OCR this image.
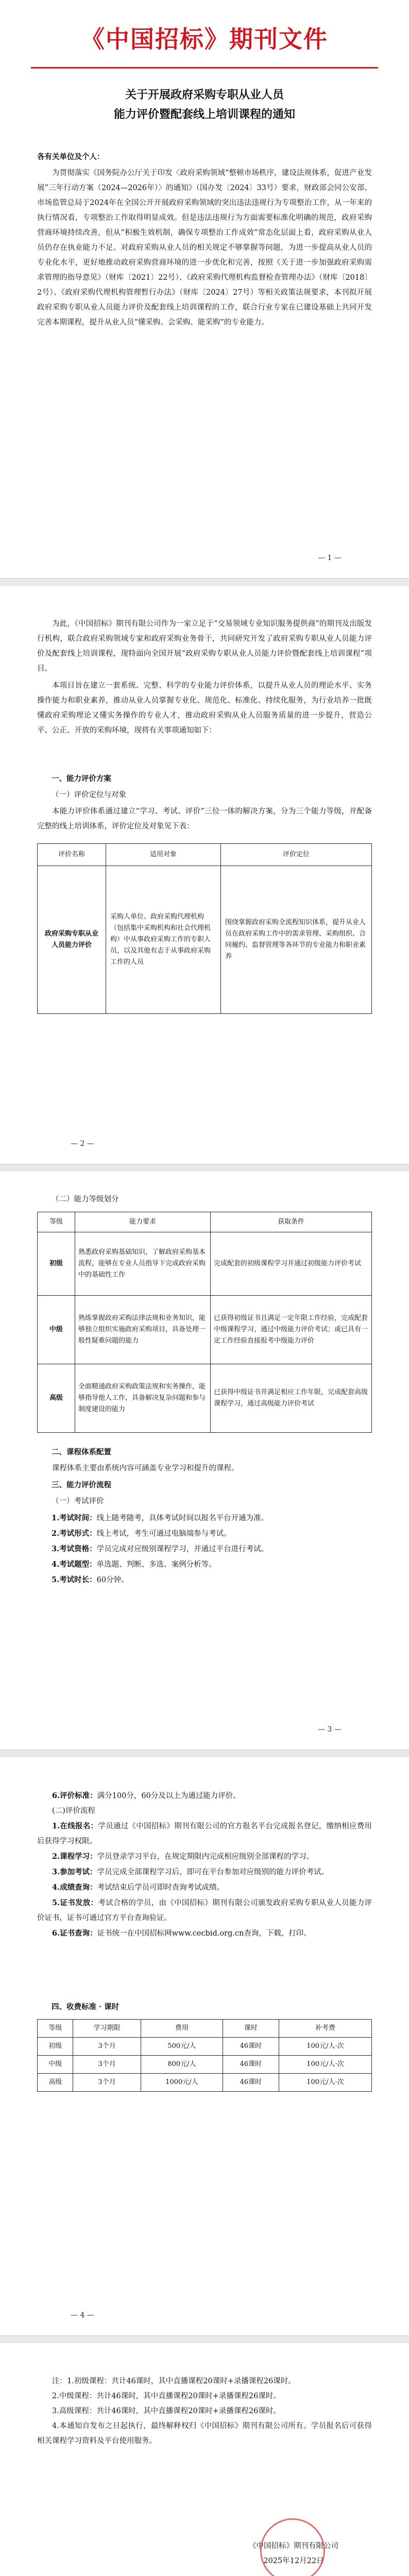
《中国招标》期刊文件
关于开展政府采购专职从业人员
能力评价暨配套线上培训课程的通知
各有关单位及个人：
为贯彻落实《国务院办公厅关于印发〈政府采购领域“整顿市场秩序，建设法规体系，促进产业发展”三年行动方案（2024—2026年）〉的通知》（国办发〔2024〕33号）要求，财政部会同公安部、市场监管总局于2024年在全国公开开展政府采购领域的突出违法违规行为专项整治工作，从一年来的执行情况看，专项整治工作取得明显成效。但是违法违规行为方面需要标准化明确的规范，政府采购营商环境持续改善，但从“积极生效机制，确保专项整治工作成效”常态化层面上看，政府采购从业人员仍存在执业能力不足、对政府采购从业人员的相关规定不够掌握等问题，为进一步提高从业人员的专业化水平，更好地推动政府采购营商环境的进一步优化和完善，按照《关于进一步加强政府采购需求管理的指导意见》（财库〔2021〕22号）、《政府采购代理机构监督检查管理办法》（财库〔2018〕2号）、《政府采购代理机构管理暂行办法》（财库〔2024〕27号）等相关政策法规要求，本刊拟开展政府采购专职从业人员能力评价及配套线上培训课程的工作，联合行业专家在已建设基础上共同开发完善本期课程，提升从业人员“懂采购、会采购、能采购”的专业能力。
— 1 —
为此，《中国招标》期刊有限公司作为一家立足于“交易领域专业知识服务提供商”的期刊及出版发行机构，联合政府采购领域专家和政府采购业务骨干，共同研究开发了政府采购专职从业人员能力评价及配套线上培训课程，现特面向全国开展“政府采购专职从业人员能力评价暨配套线上培训课程”项目。
本项目旨在建立一套系统、完整、科学的专业能力评价体系，以提升从业人员的理论水平、实务操作能力和职业素养，推动从业人员掌握专业化、规范化、标准化、持续化服务，为行业培养一批既懂政府采购理论又懂实务操作的专业人才，推动政府采购从业人员服务质量的进一步提升，营造公平、公正、开放的采购环境，现将有关事项通知如下：
一、能力评价方案
（一）评价定位与对象
本能力评价体系通过建立“学习、考试、评价”三位一体的解决方案，分为三个能力等级，并配备完整的线上培训体系，评价定位及对象见下表：
评价名称	适用对象	评价定位
政府采购专职从业人员能力评价	采购人单位、政府采购代理机构（包括集中采购机构和社会代理机构）中从事政府采购工作的专职人员，以及其他有志于从事政府采购工作的人员	围绕掌握政府采购全流程知识体系，提升从业人员在政府采购工作中的需求管理、采购组织、合同履约、监督管理等各环节的专业能力和职业素养
— 2 —
（二）能力等级划分
等级	能力要求	获取条件
初级	熟悉政府采购基础知识，了解政府采购基本流程，能够在专业人员指导下完成政府采购中的基础性工作	完成配套的初级课程学习并通过初级能力评价考试
中级	熟练掌握政府采购法律法规和业务知识，能够独立组织实施政府采购项目，具备处理一般性疑难问题的能力	已获得初级证书且满足一定年限工作经验，完成配套中级课程学习，通过中级能力评价考试；或已具有一定工作经验直接报考中级能力评价
高级	全面精通政府采购政策法规和实务操作，能够指导他人工作，具备解决复杂问题和参与制度建设的能力	已获得中级证书并满足相应工作年限，完成配套高级课程学习，通过高级能力评价考试
二、课程体系配置
课程体系主要由系统内容可涵盖专业学习和提升的课程。
三、能力评价流程
（一）考试评价
1.考试时间：线上随考随考，具体考试时间以报名平台开通为准。
2.考试形式：线上考试，考生可通过电脑端参与考试。
3.考试资格：学员完成对应级别课程学习，并通过平台进行考试。
4.考试题型：单选题、判断、多选、案例分析等。
5.考试时长：60分钟。
— 3 —
6.评价标准：满分100分，60分及以上为通过能力评价。
(二)评价流程
1.在线报名：学员通过《中国招标》期刊有限公司的官方报名平台完成报名登记，缴纳相应费用后获得学习权限。
2.课程学习：学员登录学习平台，在规定期限内完成相应级别全部课程的学习。
3.参加考试：学员完成全部课程学习后，即可在平台参加对应级别的能力评价考试。
4.成绩查询：考试结束后学员可即时查询考试成绩。
5.证书发放：考试合格的学员，由《中国招标》期刊有限公司颁发政府采购专职从业人员能力评价证书，证书可通过官方平台查询验证。
6.证书查询：证书统一在中国招标网www.cecbid.org.cn查询，下载、打印。
四、收费标准 · 课时
等级	学习期限	费用	课时	补考费
初级	3个月	500元/人	46课时	100元/人·次
中级	3个月	800元/人	46课时	100元/人·次
高级	3个月	1000元/人	46课时	100元/人·次
— 4 —
注：1.初级课程：共计46课时，其中直播课程20课时+录播课程26课时。
2.中级课程：共计46课时，其中直播课程20课时+录播课程26课时。
3.高级课程：共计46课时，其中直播课程20课时+录播课程26课时。
4.本通知自发布之日起执行，最终解释权归《中国招标》期刊有限公司所有。学员报名后可获得相关课程学习资料及平台使用服务。
《中国招标》期刊有限公司
2025年12月22日
